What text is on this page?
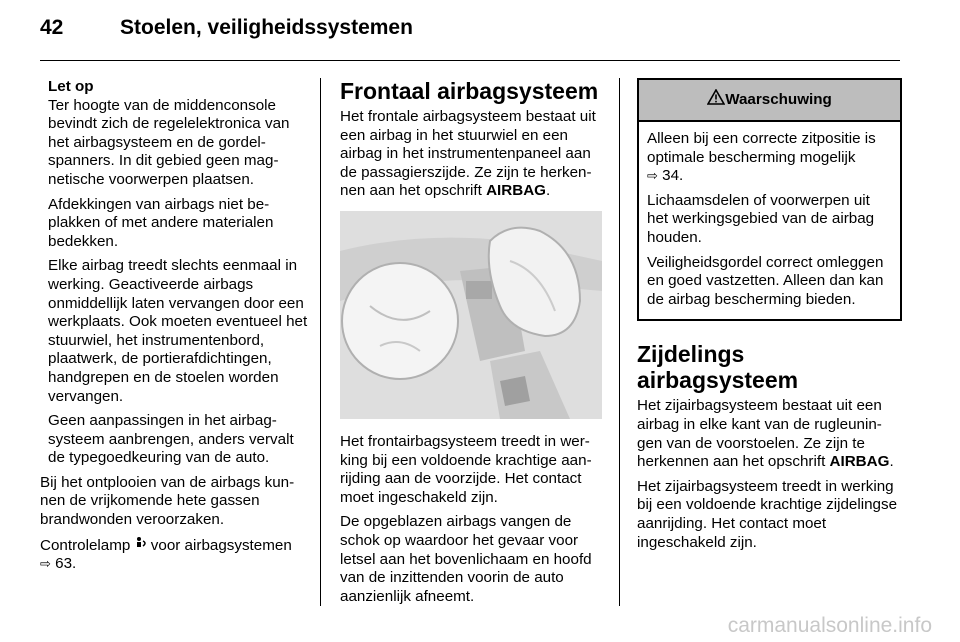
42	Stoelen, veiligheidssystemen
Let op

Ter hoogte van de middenconsole bevindt zich de regelelektronica van het airbagsysteem en de gordelspanners. In dit gebied geen magnetische voorwerpen plaatsen.

Afdekkingen van airbags niet beplakken of met andere materialen bedekken.

Elke airbag treedt slechts eenmaal in werking. Geactiveerde airbags onmiddellijk laten vervangen door een werkplaats. Ook moeten eventueel het stuurwiel, het instrumentenbord, plaatwerk, de portierafdichtingen, handgrepen en de stoelen worden vervangen.

Geen aanpassingen in het airbagsysteem aanbrengen, anders vervalt de typegoedkeuring van de auto.

Bij het ontplooien van de airbags kunnen de vrijkomende hete gassen brandwonden veroorzaken.

Controlelamp voor airbagsystemen
⇨ 63.

Frontaal airbagsysteem

Het frontale airbagsysteem bestaat uit een airbag in het stuurwiel en een airbag in het instrumentenpaneel aan de passagierszijde. Ze zijn te herkennen aan het opschrift AIRBAG.

Het frontairbagsysteem treedt in werking bij een voldoende krachtige aanrijding aan de voorzijde. Het contact moet ingeschakeld zijn.

De opgeblazen airbags vangen de schok op waardoor het gevaar voor letsel aan het bovenlichaam en hoofd van de inzittenden voorin de auto aanzienlijk afneemt.

Waarschuwing

Alleen bij een correcte zitpositie is optimale bescherming mogelijk
⇨ 34.

Lichaamsdelen of voorwerpen uit het werkingsgebied van de airbag houden.

Veiligheidsgordel correct omleggen en goed vastzetten. Alleen dan kan de airbag bescherming bieden.

Zijdelings airbagsysteem

Het zijairbagsysteem bestaat uit een airbag in elke kant van de rugleuningen van de voorstoelen. Ze zijn te herkennen aan het opschrift AIRBAG.

Het zijairbagsysteem treedt in werking bij een voldoende krachtige zijdelingse aanrijding. Het contact moet ingeschakeld zijn.

carmanualsonline.info
